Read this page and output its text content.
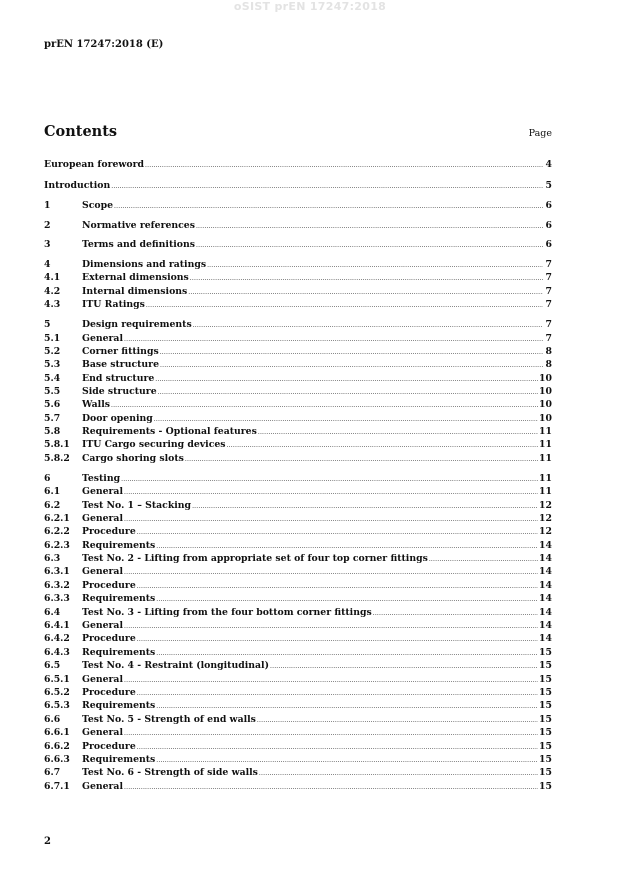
oSIST prEN 17247:2018
prEN 17247:2018 (E)
Contents	Page
European foreword .....	4
Introduction .....	5
1	Scope .....	6
2	Normative references .....	6
3	Terms and definitions .....	6
4	Dimensions and ratings .....	7
4.1	External dimensions .....	7
4.2	Internal dimensions .....	7
4.3	ITU Ratings .....	7
5	Design requirements .....	7
5.1	General .....	7
5.2	Corner fittings .....	8
5.3	Base structure .....	8
5.4	End structure .....	10
5.5	Side structure .....	10
5.6	Walls .....	10
5.7	Door opening .....	10
5.8	Requirements - Optional features .....	11
5.8.1	ITU Cargo securing devices .....	11
5.8.2	Cargo shoring slots .....	11
6	Testing .....	11
6.1	General .....	11
6.2	Test No. 1 – Stacking .....	12
6.2.1	General .....	12
6.2.2	Procedure .....	12
6.2.3	Requirements .....	14
6.3	Test No. 2 - Lifting from appropriate set of four top corner fittings .....	14
6.3.1	General .....	14
6.3.2	Procedure .....	14
6.3.3	Requirements .....	14
6.4	Test No. 3 - Lifting from the four bottom corner fittings .....	14
6.4.1	General .....	14
6.4.2	Procedure .....	14
6.4.3	Requirements .....	15
6.5	Test No. 4 - Restraint (longitudinal) .....	15
6.5.1	General .....	15
6.5.2	Procedure .....	15
6.5.3	Requirements .....	15
6.6	Test No. 5 - Strength of end walls .....	15
6.6.1	General .....	15
6.6.2	Procedure .....	15
6.6.3	Requirements .....	15
6.7	Test No. 6 - Strength of side walls .....	15
6.7.1	General .....	15
2
